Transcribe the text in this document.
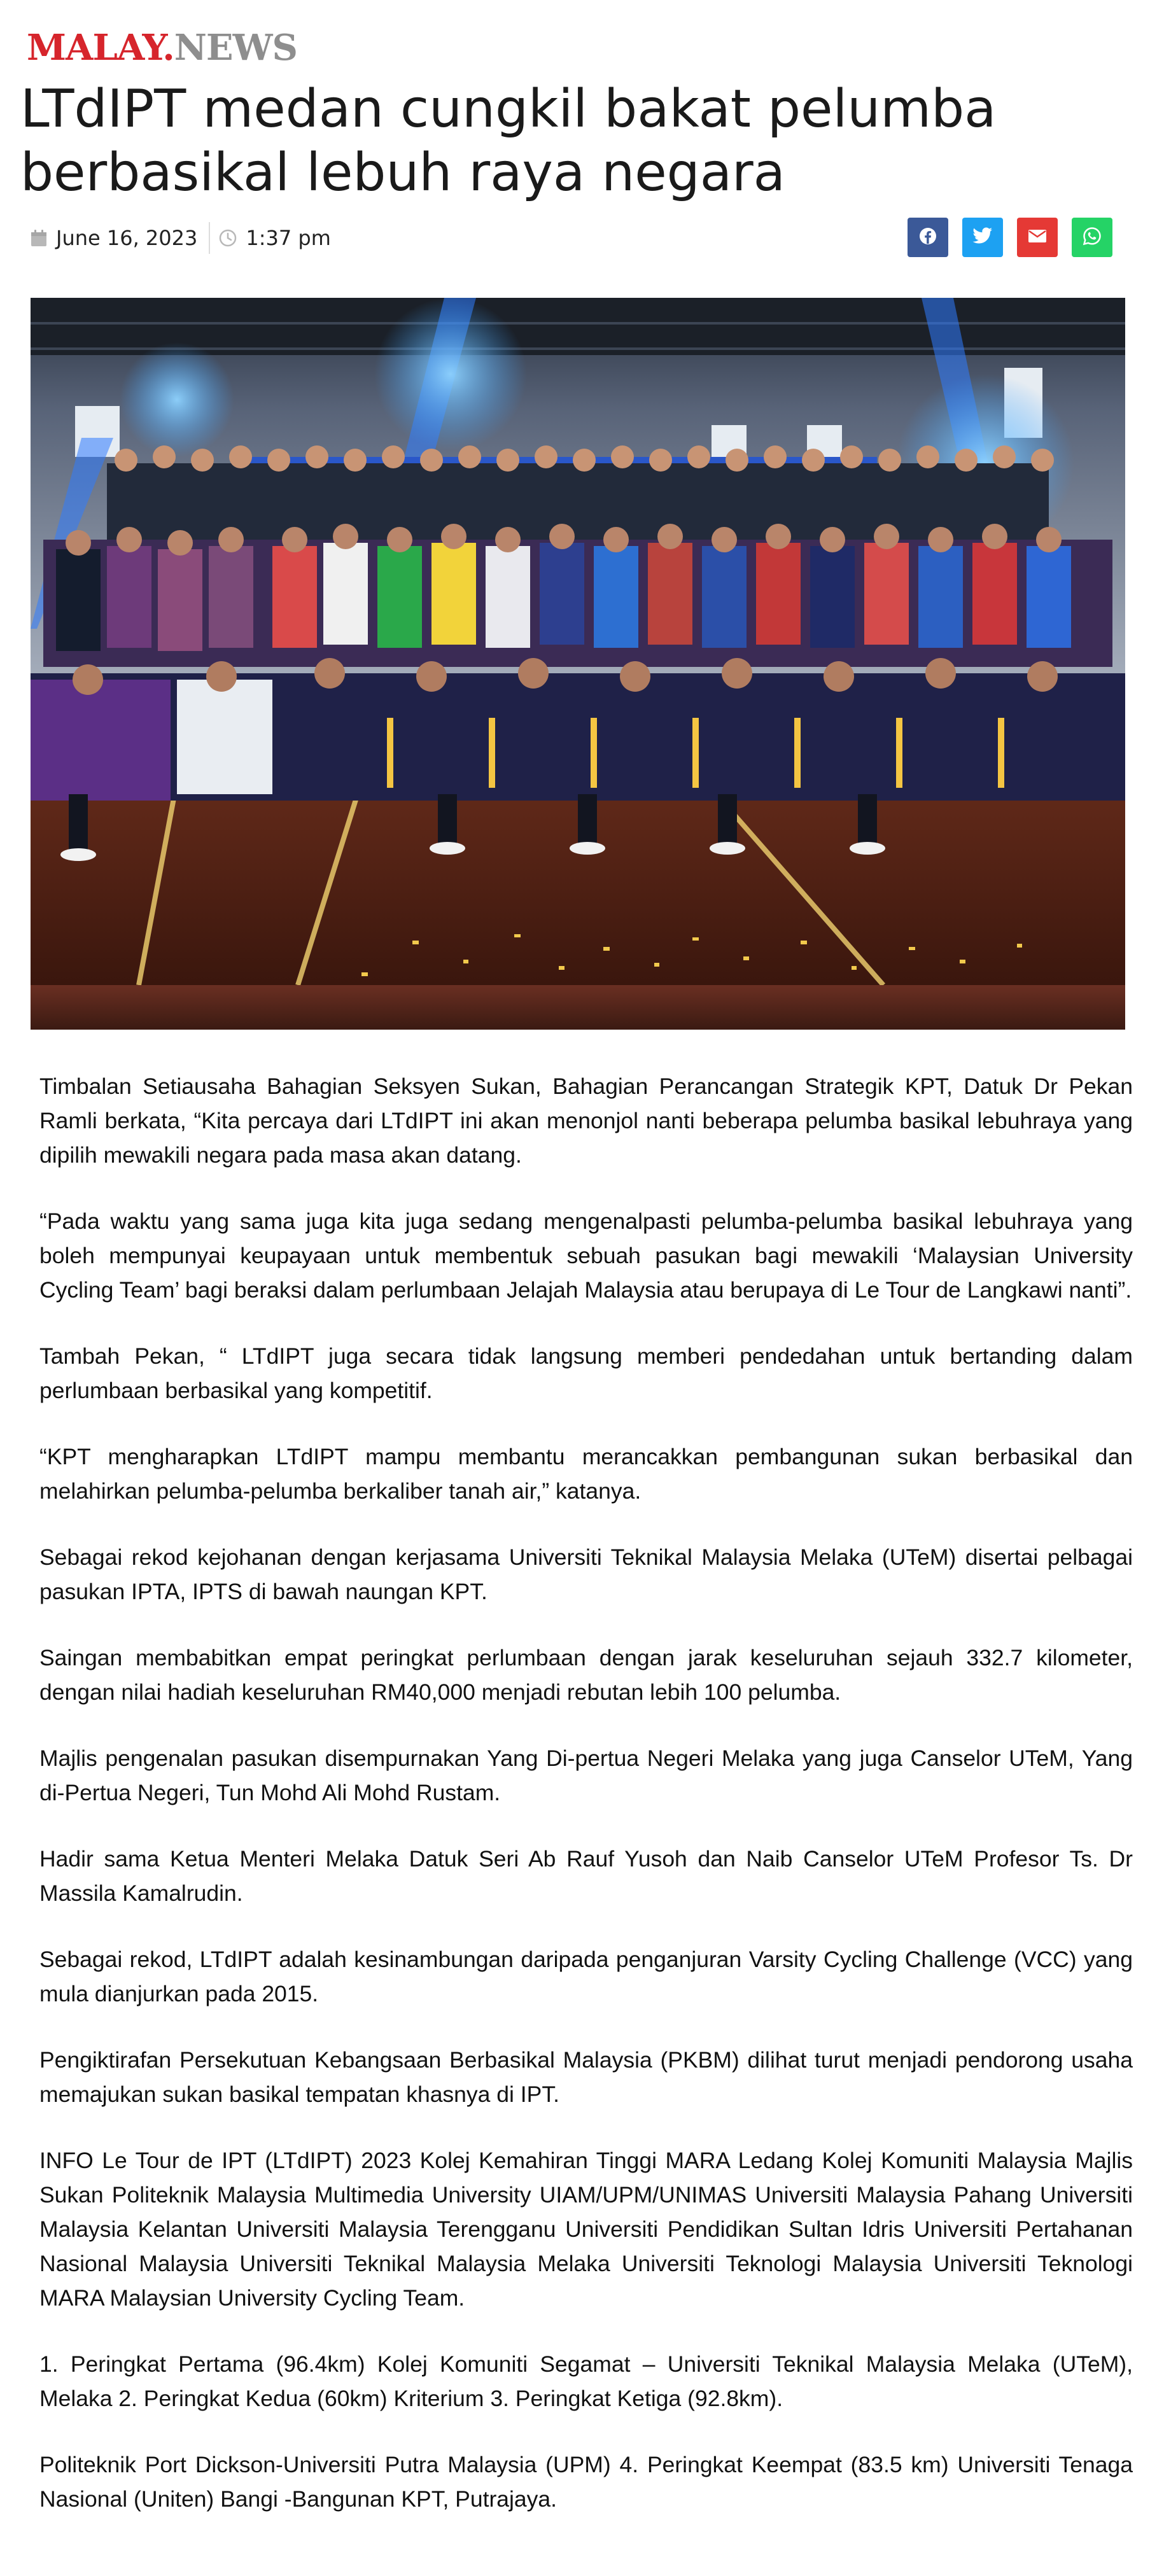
MALAY.NEWS
LTdIPT medan cungkil bakat pelumba berbasikal lebuh raya negara
June 16, 2023 1:37 pm

Timbalan Setiausaha Bahagian Seksyen Sukan, Bahagian Perancangan Strategik KPT, Datuk Dr Pekan Ramli berkata, “Kita percaya dari LTdIPT ini akan menonjol nanti beberapa pelumba basikal lebuhraya yang dipilih mewakili negara pada masa akan datang.

“Pada waktu yang sama juga kita juga sedang mengenalpasti pelumba-pelumba basikal lebuhraya yang boleh mempunyai keupayaan untuk membentuk sebuah pasukan bagi mewakili ‘Malaysian University Cycling Team’ bagi beraksi dalam perlumbaan Jelajah Malaysia atau berupaya di Le Tour de Langkawi nanti”.

Tambah Pekan, “ LTdIPT juga secara tidak langsung memberi pendedahan untuk bertanding dalam perlumbaan berbasikal yang kompetitif.

“KPT mengharapkan LTdIPT mampu membantu merancakkan pembangunan sukan berbasikal dan melahirkan pelumba-pelumba berkaliber tanah air,” katanya.

Sebagai rekod kejohanan dengan kerjasama Universiti Teknikal Malaysia Melaka (UTeM) disertai pelbagai pasukan IPTA, IPTS di bawah naungan KPT.

Saingan membabitkan empat peringkat perlumbaan dengan jarak keseluruhan sejauh 332.7 kilometer, dengan nilai hadiah keseluruhan RM40,000 menjadi rebutan lebih 100 pelumba.

Majlis pengenalan pasukan disempurnakan Yang Di-pertua Negeri Melaka yang juga Canselor UTeM, Yang di-Pertua Negeri, Tun Mohd Ali Mohd Rustam.

Hadir sama Ketua Menteri Melaka Datuk Seri Ab Rauf Yusoh dan Naib Canselor UTeM Profesor Ts. Dr Massila Kamalrudin.

Sebagai rekod, LTdIPT adalah kesinambungan daripada penganjuran Varsity Cycling Challenge (VCC) yang mula dianjurkan pada 2015.

Pengiktirafan Persekutuan Kebangsaan Berbasikal Malaysia (PKBM) dilihat turut menjadi pendorong usaha memajukan sukan basikal tempatan khasnya di IPT.

INFO Le Tour de IPT (LTdIPT) 2023 Kolej Kemahiran Tinggi MARA Ledang Kolej Komuniti Malaysia Majlis Sukan Politeknik Malaysia Multimedia University UIAM/UPM/UNIMAS Universiti Malaysia Pahang Universiti Malaysia Kelantan Universiti Malaysia Terengganu Universiti Pendidikan Sultan Idris Universiti Pertahanan Nasional Malaysia Universiti Teknikal Malaysia Melaka Universiti Teknologi Malaysia Universiti Teknologi MARA Malaysian University Cycling Team.

1. Peringkat Pertama (96.4km) Kolej Komuniti Segamat – Universiti Teknikal Malaysia Melaka (UTeM), Melaka 2. Peringkat Kedua (60km) Kriterium 3. Peringkat Ketiga (92.8km).

Politeknik Port Dickson-Universiti Putra Malaysia (UPM) 4. Peringkat Keempat (83.5 km) Universiti Tenaga Nasional (Uniten) Bangi -Bangunan KPT, Putrajaya.
